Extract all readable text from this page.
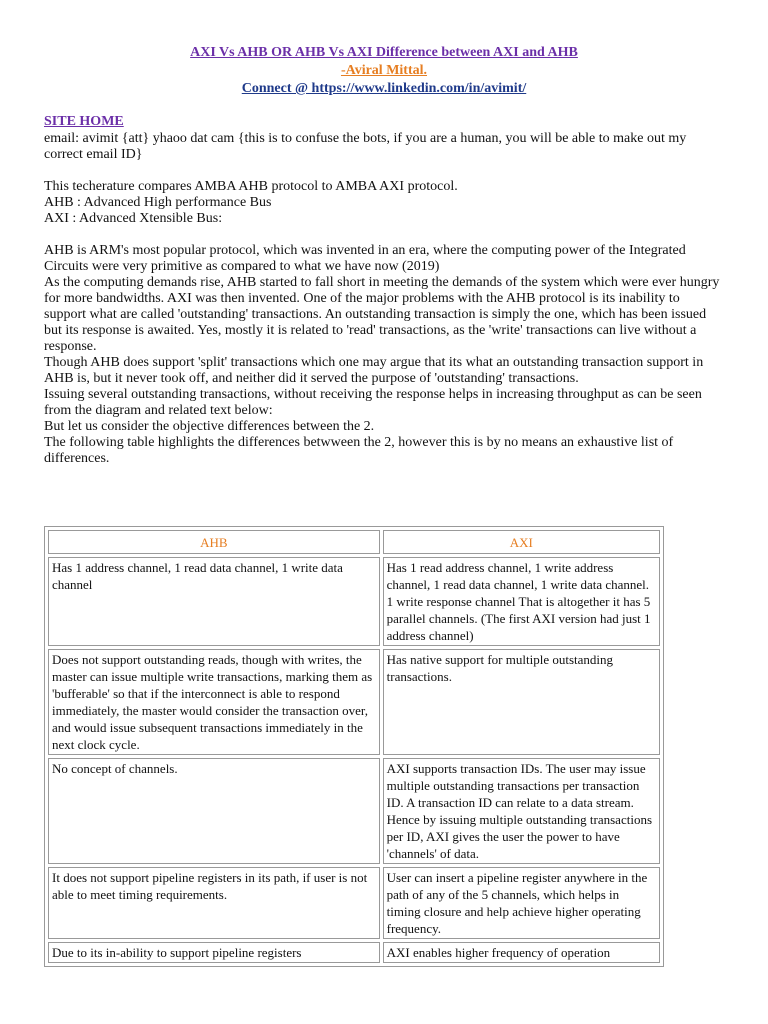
AXI Vs AHB OR AHB Vs AXI Difference between AXI and AHB
-Aviral Mittal.
Connect @ https://www.linkedin.com/in/avimit/
SITE HOME

email: avimit {att} yhaoo dat cam {this is to confuse the bots, if you are a human, you will be able to make out my correct email ID}

This techerature compares AMBA AHB protocol to AMBA AXI protocol.

AHB : Advanced High performance Bus

AXI : Advanced Xtensible Bus:

AHB is ARM's most popular protocol, which was invented in an era, where the computing power of the Integrated Circuits were very primitive as compared to what we have now (2019)

As the computing demands rise, AHB started to fall short in meeting the demands of the system which were ever hungry for more bandwidths. AXI was then invented. One of the major problems with the AHB protocol is its inability to support what are called 'outstanding' transactions. An outstanding transaction is simply the one, which has been issued but its response is awaited. Yes, mostly it is related to 'read' transactions, as the 'write' transactions can live without a response.

Though AHB does support 'split' transactions which one may argue that its what an outstanding transaction support in AHB is, but it never took off, and neither did it served the purpose of 'outstanding' transactions.

Issuing several outstanding transactions, without receiving the response helps in increasing throughput as can be seen from the diagram and related text below:

But let us consider the objective differences between the 2.

The following table highlights the differences betwween the 2, however this is by no means an exhaustive list of differences.

AHB	AXI
Has 1 address channel, 1 read data channel, 1 write data channel	Has 1 read address channel, 1 write address channel, 1 read data channel, 1 write data channel. 1 write response channel That is altogether it has 5 parallel channels. (The first AXI version had just 1 address channel)
Does not support outstanding reads, though with writes, the master can issue multiple write transactions, marking them as 'bufferable' so that if the interconnect is able to respond immediately, the master would consider the transaction over, and would issue subsequent transactions immediately in the next clock cycle.	Has native support for multiple outstanding transactions.
No concept of channels.	AXI supports transaction IDs. The user may issue multiple outstanding transactions per transaction ID. A transaction ID can relate to a data stream. Hence by issuing multiple outstanding transactions per ID, AXI gives the user the power to have 'channels' of data.
It does not support pipeline registers in its path, if user is not able to meet timing requirements.	User can insert a pipeline register anywhere in the path of any of the 5 channels, which helps in timing closure and help achieve higher operating frequency.
Due to its in-ability to support pipeline registers	AXI enables higher frequency of operation
